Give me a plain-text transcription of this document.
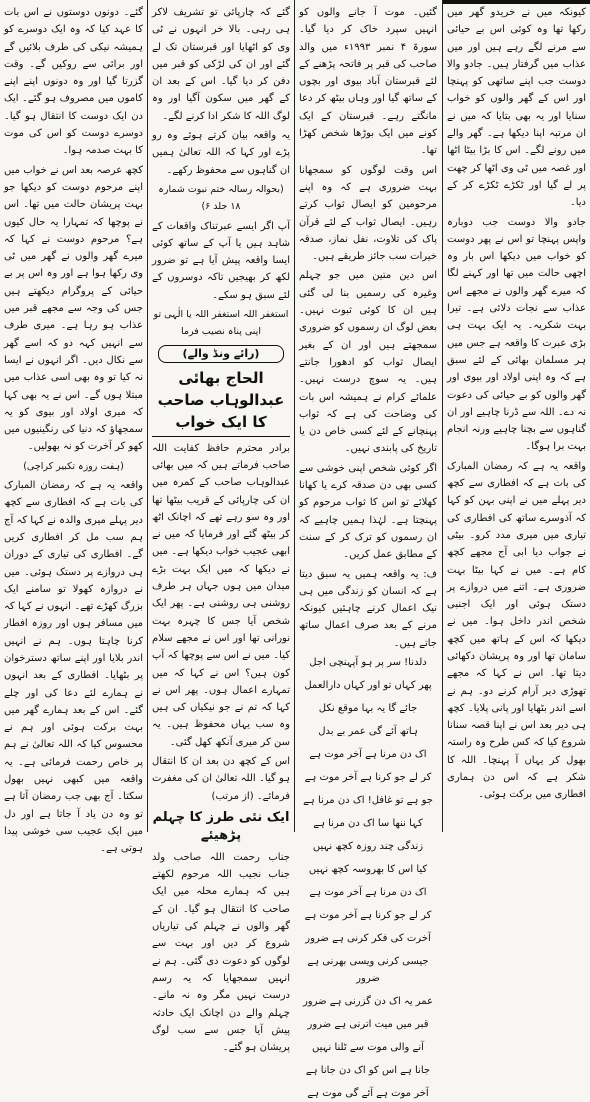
کیونکہ میں نے خریدو گھر میں رکھا تھا وہ کوئی اس بے حیائی سے مرنے لگے رہے ہیں اور میں عذاب میں گرفتار ہیں۔ جادو والا دوست جب اپنے ساتھی کو پہنچا اور اس کے گھر والوں کو خواب سنایا اور یہ بھی بتایا کہ میں نے ان مرتبہ اپنا دیکھا ہے۔ گھر والے میں رونے لگے۔ اس کا بڑا بیٹا اٹھا اور غصہ میں ٹی وی اٹھا کر چھت پر لے گیا اور ٹکڑے ٹکڑے کر کے دیا۔

جادو والا دوست جب دوبارہ واپس پہنچا تو اس نے پھر دوست کو خواب میں دیکھا اس بار وہ اچھی حالت میں تھا اور کہنے لگا کہ میرے گھر والوں نے مجھے اس عذاب سے نجات دلائی ہے۔ تیرا بہت شکریہ۔ یہ ایک بہت ہی بڑی عبرت کا واقعہ ہے جس میں ہر مسلمان بھائی کے لئے سبق ہے کہ وہ اپنی اولاد اور بیوی اور گھر والوں کو بے حیائی کی دعوت نہ دے۔ اللہ سے ڈرنا چاہیے اور ان گناہوں سے بچنا چاہیے ورنہ انجام بہت برا ہوگا۔

واقعہ یہ ہے کہ رمضان المبارک کی بات ہے کہ افطاری سے کچھ دیر پہلے میں نے اپنی بہن کو کہا کہ آذوسرے ساتھ کی افطاری کی تیاری میں میری مدد کرو۔ بیٹی نے جواب دیا ابی آج مجھے کچھ کام ہے۔ میں نے کہا بیٹا بہت ضروری ہے۔ اتنے میں دروازے پر دستک ہوئی اور ایک اجنبی شخص اندر داخل ہوا۔ میں نے دیکھا کہ اس کے ہاتھ میں کچھ سامان تھا اور وہ پریشان دکھائی دیتا تھا۔ اس نے کہا کہ مجھے تھوڑی دیر آرام کرنے دو۔ ہم نے اسے اندر بٹھایا اور پانی پلایا۔ کچھ ہی دیر بعد اس نے اپنا قصہ سنانا شروع کیا کہ کس طرح وہ راستہ بھول کر یہاں آ پہنچا۔ اللہ کا شکر ہے کہ اس دن ہماری افطاری میں برکت ہوئی۔

گئیں۔ موت آ جانے والوں کو انہیں سپرد خاک کر دیا گیا۔ سورۃ ۴ نمبر ۱۹۹۳ء میں والد صاحب کی قبر پر فاتحہ پڑھنے کے لئے قبرستان آباد بیوی اور بچوں کے ساتھ گیا اور وہاں بیٹھ کر دعا مانگتے رہے۔ قبرستان کے ایک کونے میں ایک بوڑھا شخص کھڑا تھا۔

اس وقت لوگوں کو سمجھانا بہت ضروری ہے کہ وہ اپنے مرحومین کو ایصال ثواب کرتے رہیں۔ ایصال ثواب کے لئے قرآن پاک کی تلاوت، نفل نماز، صدقہ خیرات سب جائز طریقے ہیں۔

اس دین متین میں جو چہلم وغیرہ کی رسمیں بنا لی گئی ہیں ان کا کوئی ثبوت نہیں۔ بعض لوگ ان رسموں کو ضروری سمجھتے ہیں اور ان کے بغیر ایصال ثواب کو ادھورا جانتے ہیں۔ یہ سوچ درست نہیں۔ علمائے کرام نے ہمیشہ اس بات کی وضاحت کی ہے کہ ثواب پہنچانے کے لئے کسی خاص دن یا تاریخ کی پابندی نہیں۔

اگر کوئی شخص اپنی خوشی سے کسی بھی دن صدقہ کرے یا کھانا کھلائے تو اس کا ثواب مرحوم کو پہنچتا ہے۔ لہٰذا ہمیں چاہیے کہ ان رسموں کو ترک کر کے سنت کے مطابق عمل کریں۔

ف: یہ واقعہ ہمیں یہ سبق دیتا ہے کہ انسان کو زندگی میں ہی نیک اعمال کرنے چاہئیں کیونکہ مرنے کے بعد صرف اعمال ساتھ جاتے ہیں۔

دلدنا! سر پر ہو آپہنچی اجل

پھر کہاں تو اور کہاں دارالعمل

جائے گا یہ بہا موقع نکل

ہاتھ آئے گی عمر بے بدل

اک دن مرنا ہے آخر موت ہے

کر لے جو کرنا ہے آخر موت ہے

جو ہے تو غافل! اک دن مرنا ہے

کہا ننھا سا اک دن مرنا ہے

زندگی چند روزہ کچھ نہیں

کیا اس کا بھروسہ کچھ نہیں

اک دن مرنا ہے آخر موت ہے

کر لے جو کرنا ہے آخر موت ہے

آخرت کی فکر کرنی ہے ضرور

جیسی کرنی ویسی بھرنی ہے ضرور

عمر یہ اک دن گزرنی ہے ضرور

قبر میں میت اترنی ہے ضرور

آنے والی موت سے ٹلنا نہیں

جانا ہے اس کو اک دن جانا ہے

آخر موت ہے آئے گی موت ہے

گئے کہ چارپائی تو تشریف لاکر ہی رہی۔ بالا خر انہوں نے ٹی وی کو اٹھایا اور قبرستان تک لے گئے اور ان کی لڑکی کو قبر میں دفن کر دیا گیا۔ اس کے بعد ان کے گھر میں سکون آگیا اور وہ لوگ اللہ کا شکر ادا کرنے لگے۔

یہ واقعہ بیان کرتے ہوئے وہ رو پڑے اور کہا کہ اللہ تعالیٰ ہمیں ان گناہوں سے محفوظ رکھے۔

(بحوالہ رسالہ ختم نبوت شمارہ ۱۸ جلد ۶)

آپ اگر ایسے عبرتناک واقعات کے شاہد ہیں یا آپ کے ساتھ کوئی ایسا واقعہ پیش آیا ہے تو ضرور لکھ کر بھیجیں تاکہ دوسروں کے لئے سبق ہو سکے۔

استغفر اللہ استغفر اللہ یا الٰہی تو اپنی پناہ نصیب فرما

(رائے ونڈ والے)
الحاج بھائی عبدالوہاب صاحب کا ایک خواب

برادر محترم حافظ کفایت اللہ صاحب فرماتے ہیں کہ میں بھائی عبدالوہاب صاحب کے کمرہ میں ان کی چارپائی کے قریب بیٹھا تھا اور وہ سو رہے تھے کہ اچانک اٹھ کر بیٹھ گئے اور فرمایا کہ میں نے ابھی عجیب خواب دیکھا ہے۔ میں نے دیکھا کہ میں ایک بہت بڑے میدان میں ہوں جہاں ہر طرف روشنی ہی روشنی ہے۔ پھر ایک شخص آیا جس کا چہرہ بہت نورانی تھا اور اس نے مجھے سلام کیا۔ میں نے اس سے پوچھا کہ آپ کون ہیں؟ اس نے کہا کہ میں تمہارے اعمال ہوں۔ پھر اس نے کہا کہ تم نے جو نیکیاں کی ہیں وہ سب یہاں محفوظ ہیں۔ یہ سن کر میری آنکھ کھل گئی۔

اس کے کچھ دن بعد ان کا انتقال ہو گیا۔ اللہ تعالیٰ ان کی مغفرت فرمائے۔ (از مرتب)

ایک نئی طرز کا چہلم پڑھیئے

جناب رحمت اللہ صاحب ولد جناب نجیب اللہ مرحوم لکھتے ہیں کہ ہمارے محلہ میں ایک صاحب کا انتقال ہو گیا۔ ان کے گھر والوں نے چہلم کی تیاریاں شروع کر دیں اور بہت سے لوگوں کو دعوت دی گئی۔ ہم نے انہیں سمجھایا کہ یہ رسم درست نہیں مگر وہ نہ مانے۔ چہلم والے دن اچانک ایک حادثہ پیش آیا جس سے سب لوگ پریشان ہو گئے۔

گئے۔ دونوں دوستوں نے اس بات کا عہد کیا کہ وہ ایک دوسرے کو ہمیشہ نیکی کی طرف بلائیں گے اور برائی سے روکیں گے۔ وقت گزرتا گیا اور وہ دونوں اپنے اپنے کاموں میں مصروف ہو گئے۔ ایک دن ایک دوست کا انتقال ہو گیا۔ دوسرے دوست کو اس کی موت کا بہت صدمہ ہوا۔

کچھ عرصہ بعد اس نے خواب میں اپنے مرحوم دوست کو دیکھا جو بہت پریشان حالت میں تھا۔ اس نے پوچھا کہ تمہارا یہ حال کیوں ہے؟ مرحوم دوست نے کہا کہ میرے گھر والوں نے گھر میں ٹی وی رکھا ہوا ہے اور وہ اس پر بے حیائی کے پروگرام دیکھتے ہیں جس کی وجہ سے مجھے قبر میں عذاب ہو رہا ہے۔ میری طرف سے انہیں کہہ دو کہ اسے گھر سے نکال دیں۔ اگر انہوں نے ایسا نہ کیا تو وہ بھی اسی عذاب میں مبتلا ہوں گے۔ اس نے یہ بھی کہا کہ میری اولاد اور بیوی کو یہ سمجھاؤ کہ دنیا کی رنگینیوں میں کھو کر آخرت کو نہ بھولیں۔

(ہفت روزہ تکبیر کراچی)

واقعہ یہ ہے کہ رمضان المبارک کی بات ہے کہ افطاری سے کچھ دیر پہلے میری والدہ نے کہا کہ آج ہم سب مل کر افطاری کریں گے۔ افطاری کی تیاری کے دوران ہی دروازے پر دستک ہوئی۔ میں نے دروازہ کھولا تو سامنے ایک بزرگ کھڑے تھے۔ انہوں نے کہا کہ میں مسافر ہوں اور روزہ افطار کرنا چاہتا ہوں۔ ہم نے انہیں اندر بلایا اور اپنے ساتھ دسترخوان پر بٹھایا۔ افطاری کے بعد انہوں نے ہمارے لئے دعا کی اور چلے گئے۔ اس کے بعد ہمارے گھر میں بہت برکت ہوئی اور ہم نے محسوس کیا کہ اللہ تعالیٰ نے ہم پر خاص رحمت فرمائی ہے۔ یہ واقعہ میں کبھی نہیں بھول سکتا۔ آج بھی جب رمضان آتا ہے تو وہ دن یاد آ جاتا ہے اور دل میں ایک عجیب سی خوشی پیدا ہوتی ہے۔
